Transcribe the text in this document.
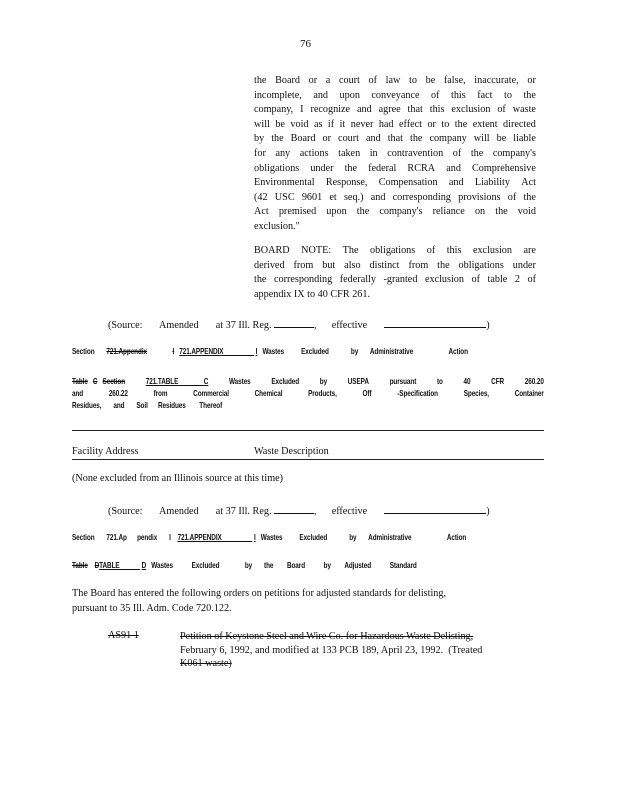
76
the Board or a court of law to be false, inaccurate, or
incomplete, and upon conveyance of this fact to the
company, I recognize and agree that this exclusion of waste
will be void as if it never had effect or to the extent directed
by the Board or court and that the company will be liable
for any actions taken in contravention of the company's
obligations under the federal RCRA and Comprehensive
Environmental Response, Compensation and Liability Act
(42 USC 9601 et seq.) and corresponding provisions of the
Act premised upon the company's reliance on the void
exclusion."
BOARD NOTE: The obligations of this exclusion are
derived from but also distinct from the obligations under
the corresponding federally -granted exclusion of table 2 of
appendix IX to 40 CFR 261.
(Source: Amended at 37 Ill. Reg.	, effective	)
Section 721.Appendix	I 721.APPENDIX	I Wastes Excluded	by Administrative	Action
Table C Section	721.TABLE	C	Wastes	Excluded	by	USEPA	pursuant	to	40	CFR	260.20
and	260.22	from	Commercial	Chemical	Products,	Off	-Specification	Species,	Container
Residues, and Soil Residues Thereof
Facility Address	Waste Description
(None excluded from an Illinois source at this time)
(Source: Amended at 37 Ill. Reg.	, effective	)
Section 721.Ap pendix I 721.APPENDIX	I Wastes Excluded	by Administrative	Action
Table DTABLE	D Wastes Excluded	by the Board by Adjusted Standard
The Board has entered the following orders on petitions for adjusted standards for delisting,
pursuant to 35 Ill. Adm. Code 720.122.
AS91 1	Petition of Keystone Steel and Wire Co. for Hazardous Waste Delisting,
February 6, 1992, and modified at 133 PCB 189, April 23, 1992. (Treated
K061 waste)
